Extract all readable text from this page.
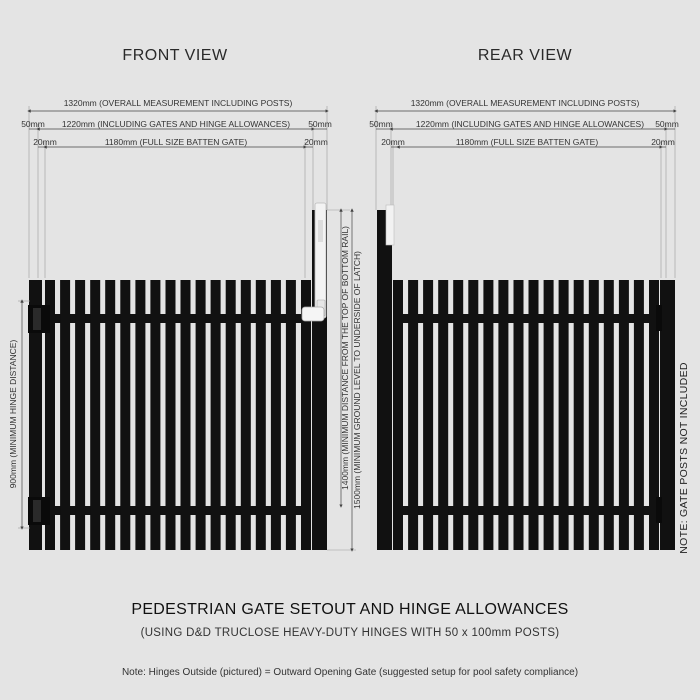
FRONT VIEW	REAR VIEW
1320mm (OVERALL MEASUREMENT INCLUDING POSTS)
50mm 1220mm (INCLUDING GATES AND HINGE ALLOWANCES) 50mm
20mm	1180mm (FULL SIZE BATTEN GATE)	20mm
900mm (MINIMUM HINGE DISTANCE)	1400mm (MINIMUM DISTANCE FROM THE TOP OF BOTTOM RAIL) 1500mm (MINIMUM GROUND LEVEL TO UNDERSIDE OF LATCH)
1320mm (OVERALL MEASUREMENT INCLUDING POSTS)
50mm	1220mm (INCLUDING GATES AND HINGE ALLOWANCES) 50mm
20mm	1180mm (FULL SIZE BATTEN GATE)	20mm
NOTE: GATE POSTS NOT INCLUDED
PEDESTRIAN GATE SETOUT AND HINGE ALLOWANCES
(USING D&D TRUCLOSE HEAVY-DUTY HINGES WITH 50 x 100mm POSTS)
Note: Hinges Outside (pictured) = Outward Opening Gate (suggested setup for pool safety compliance)
